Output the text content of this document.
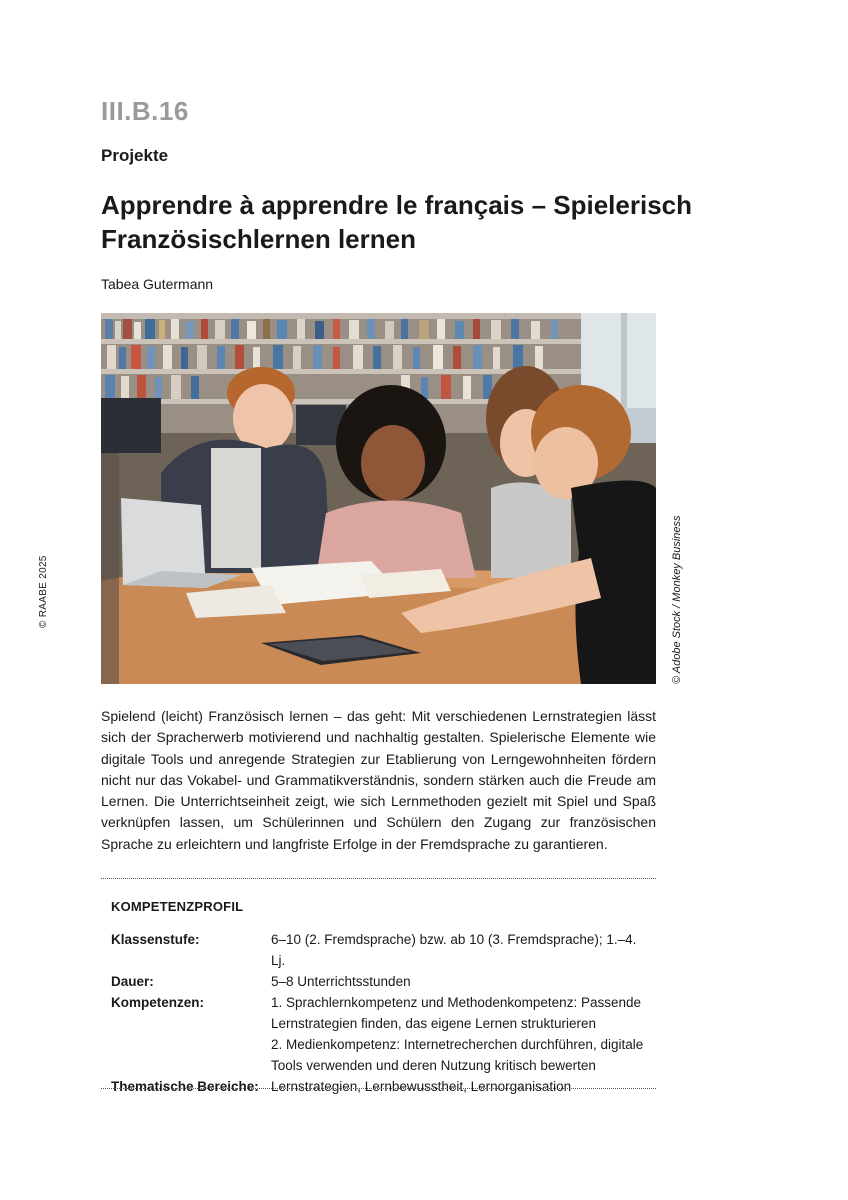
III.B.16
Projekte
Apprendre à apprendre le français – Spielerisch Französischlernen lernen
Tabea Gutermann
© Adobe Stock / Monkey Business
© RAABE 2025
Spielend (leicht) Französisch lernen – das geht: Mit verschiedenen Lernstrategien lässt sich der Spracherwerb motivierend und nachhaltig gestalten. Spielerische Elemente wie digitale Tools und anregende Strategien zur Etablierung von Lerngewohnheiten fördern nicht nur das Vokabel- und Grammatikverständnis, sondern stärken auch die Freude am Lernen. Die Unterrichtseinheit zeigt, wie sich Lernmethoden gezielt mit Spiel und Spaß verknüpfen lassen, um Schülerinnen und Schülern den Zugang zur französischen Sprache zu erleichtern und langfriste Erfolge in der Fremdsprache zu garantieren.
KOMPETENZPROFIL
Klassenstufe:	6–10 (2. Fremdsprache) bzw. ab 10 (3. Fremdsprache); 1.–4. Lj.
Dauer:	5–8 Unterrichtsstunden
Kompetenzen:	1. Sprachlernkompetenz und Methodenkompetenz: Passende
Lernstrategien finden, das eigene Lernen strukturieren
2. Medienkompetenz: Internetrecherchen durchführen, digitale
Tools verwenden und deren Nutzung kritisch bewerten
Thematische Bereiche: Lernstrategien, Lernbewusstheit, Lernorganisation
